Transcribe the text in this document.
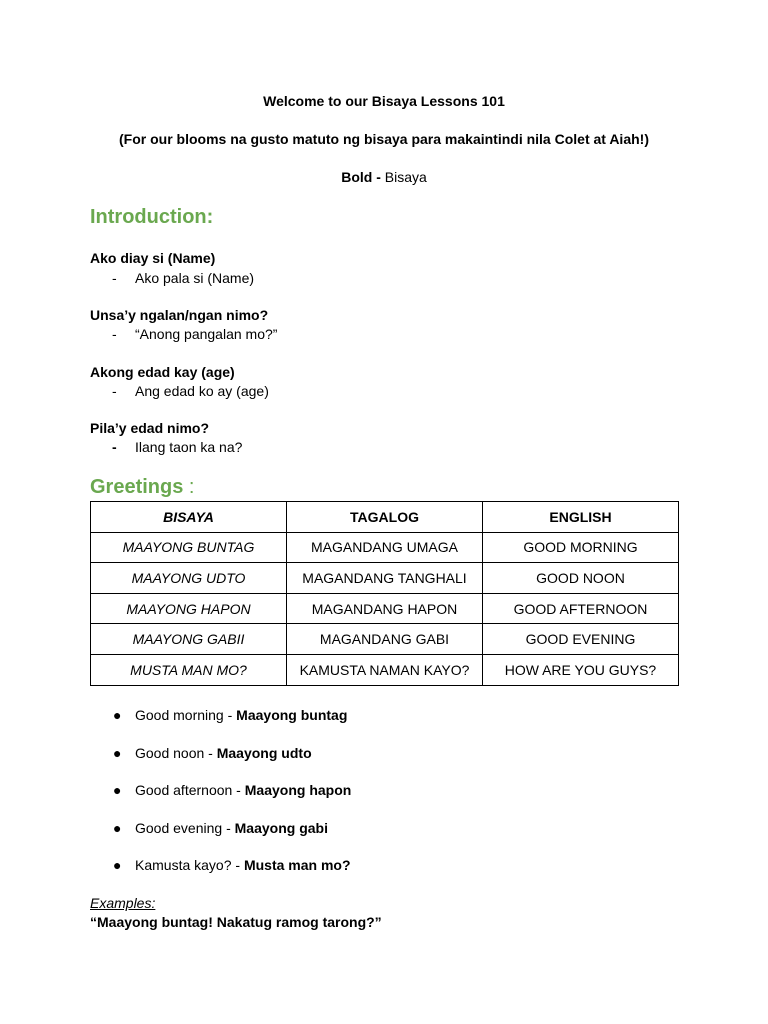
Welcome to our Bisaya Lessons 101
(For our blooms na gusto matuto ng bisaya para makaintindi nila Colet at Aiah!)
Bold - Bisaya
Introduction:
Ako diay si (Name)
- Ako pala si (Name)
Unsa’y ngalan/ngan nimo?
- “Anong pangalan mo?”
Akong edad kay (age)
- Ang edad ko ay (age)
Pila’y edad nimo?
- Ilang taon ka na?
Greetings :
BISAYA	TAGALOG	ENGLISH
MAAYONG BUNTAG	MAGANDANG UMAGA	GOOD MORNING
MAAYONG UDTO	MAGANDANG TANGHALI	GOOD NOON
MAAYONG HAPON	MAGANDANG HAPON	GOOD AFTERNOON
MAAYONG GABII	MAGANDANG GABI	GOOD EVENING
MUSTA MAN MO?	KAMUSTA NAMAN KAYO?	HOW ARE YOU GUYS?
● Good morning - Maayong buntag
● Good noon - Maayong udto
● Good afternoon - Maayong hapon
● Good evening - Maayong gabi
● Kamusta kayo? - Musta man mo?
Examples:
“Maayong buntag! Nakatug ramog tarong?”
